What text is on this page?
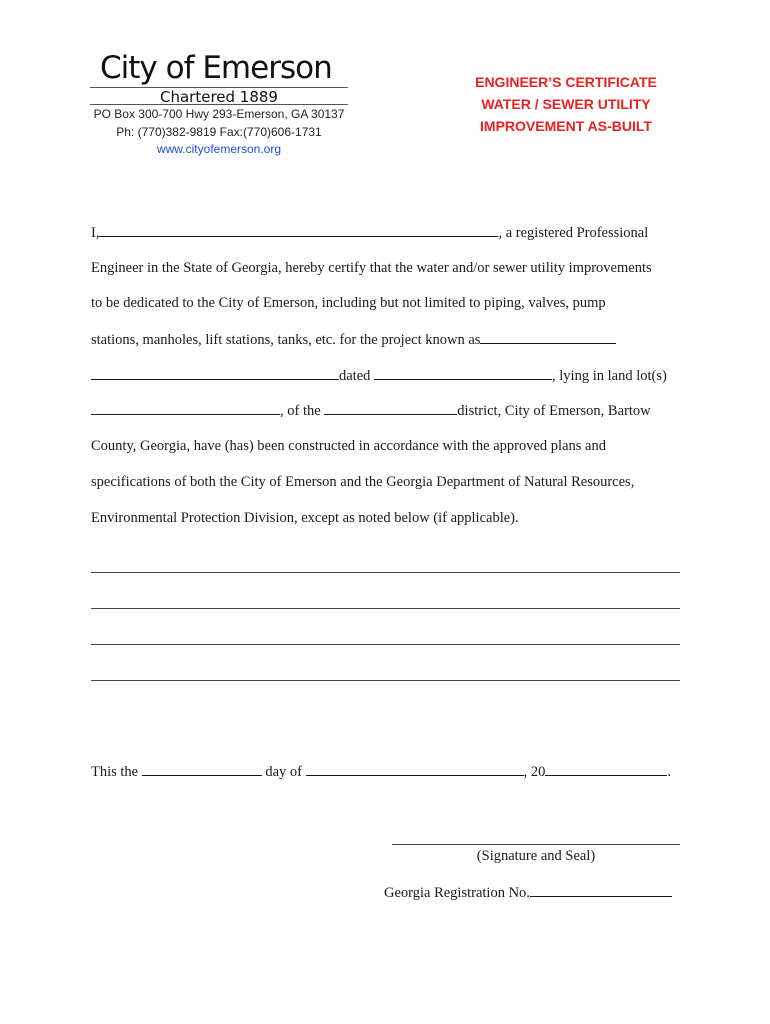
City of Emerson
Chartered 1889
PO Box 300-700 Hwy 293-Emerson, GA 30137
Ph: (770)382-9819 Fax:(770)606-1731
www.cityofemerson.org
ENGINEER’S CERTIFICATE
WATER / SEWER UTILITY
IMPROVEMENT AS-BUILT
I,	, a registered Professional
Engineer in the State of Georgia, hereby certify that the water and/or sewer utility improvements
to be dedicated to the City of Emerson, including but not limited to piping, valves, pump
stations, manholes, lift stations, tanks, etc. for the project known as
dated	, lying in land lot(s)
, of the	district, City of Emerson, Bartow
County, Georgia, have (has) been constructed in accordance with the approved plans and
specifications of both the City of Emerson and the Georgia Department of Natural Resources,
Environmental Protection Division, except as noted below (if applicable).
This the	day of	, 20	.
(Signature and Seal)
Georgia Registration No.
